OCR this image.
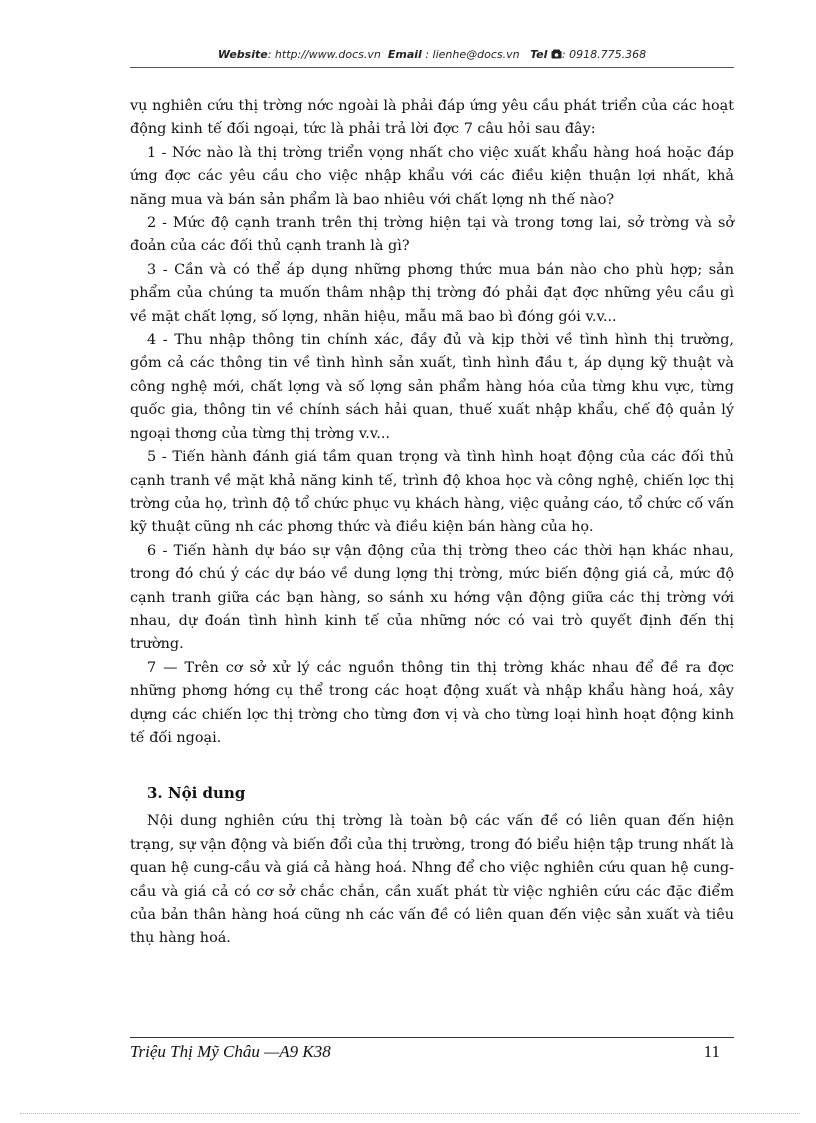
Website: http://www.docs.vn Email : lienhe@docs.vn Tel : 0918.775.368

vụ nghiên cứu thị trờng nớc ngoài là phải đáp ứng yêu cầu phát triển của các hoạt động kinh tế đối ngoại, tức là phải trả lời đợc 7 câu hỏi sau đây:

1 - Nớc nào là thị trờng triển vọng nhất cho việc xuất khẩu hàng hoá hoặc đáp ứng đợc các yêu cầu cho việc nhập khẩu với các điều kiện thuận lợi nhất, khả năng mua và bán sản phẩm là bao nhiêu với chất lợng nh thế nào?

2 - Mức độ cạnh tranh trên thị trờng hiện tại và trong tơng lai, sở trờng và sở đoản của các đối thủ cạnh tranh là gì?

3 - Cần và có thể áp dụng những phơng thức mua bán nào cho phù hợp; sản phẩm của chúng ta muốn thâm nhập thị trờng đó phải đạt đợc những yêu cầu gì về mặt chất lợng, số lợng, nhãn hiệu, mẫu mã bao bì đóng gói v.v...

4 - Thu nhập thông tin chính xác, đầy đủ và kịp thời về tình hình thị trường, gồm cả các thông tin về tình hình sản xuất, tình hình đầu t, áp dụng kỹ thuật và công nghệ mới, chất lợng và số lợng sản phẩm hàng hóa của từng khu vực, từng quốc gia, thông tin về chính sách hải quan, thuế xuất nhập khẩu, chế độ quản lý ngoại thơng của từng thị trờng v.v...

5 - Tiến hành đánh giá tầm quan trọng và tình hình hoạt động của các đối thủ cạnh tranh về mặt khả năng kinh tế, trình độ khoa học và công nghệ, chiến lợc thị trờng của họ, trình độ tổ chức phục vụ khách hàng, việc quảng cáo, tổ chức cố vấn kỹ thuật cũng nh các phơng thức và điều kiện bán hàng của họ.

6 - Tiến hành dự báo sự vận động của thị trờng theo các thời hạn khác nhau, trong đó chú ý các dự báo về dung lợng thị trờng, mức biến động giá cả, mức độ cạnh tranh giữa các bạn hàng, so sánh xu hớng vận động giữa các thị trờng với nhau, dự đoán tình hình kinh tế của những nớc có vai trò quyết định đến thị trường.

7 — Trên cơ sở xử lý các nguồn thông tin thị trờng khác nhau để đề ra đợc những phơng hớng cụ thể trong các hoạt động xuất và nhập khẩu hàng hoá, xây dựng các chiến lợc thị trờng cho từng đơn vị và cho từng loại hình hoạt động kinh tế đối ngoại.

3. Nội dung

Nội dung nghiên cứu thị trờng là toàn bộ các vấn đề có liên quan đến hiện trạng, sự vận động và biến đổi của thị trường, trong đó biểu hiện tập trung nhất là quan hệ cung-cầu và giá cả hàng hoá. Nhng để cho việc nghiên cứu quan hệ cung-cầu và giá cả có cơ sở chắc chắn, cần xuất phát từ việc nghiên cứu các đặc điểm của bản thân hàng hoá cũng nh các vấn đề có liên quan đến việc sản xuất và tiêu thụ hàng hoá.

Triệu Thị Mỹ Châu —A9 K38	11
